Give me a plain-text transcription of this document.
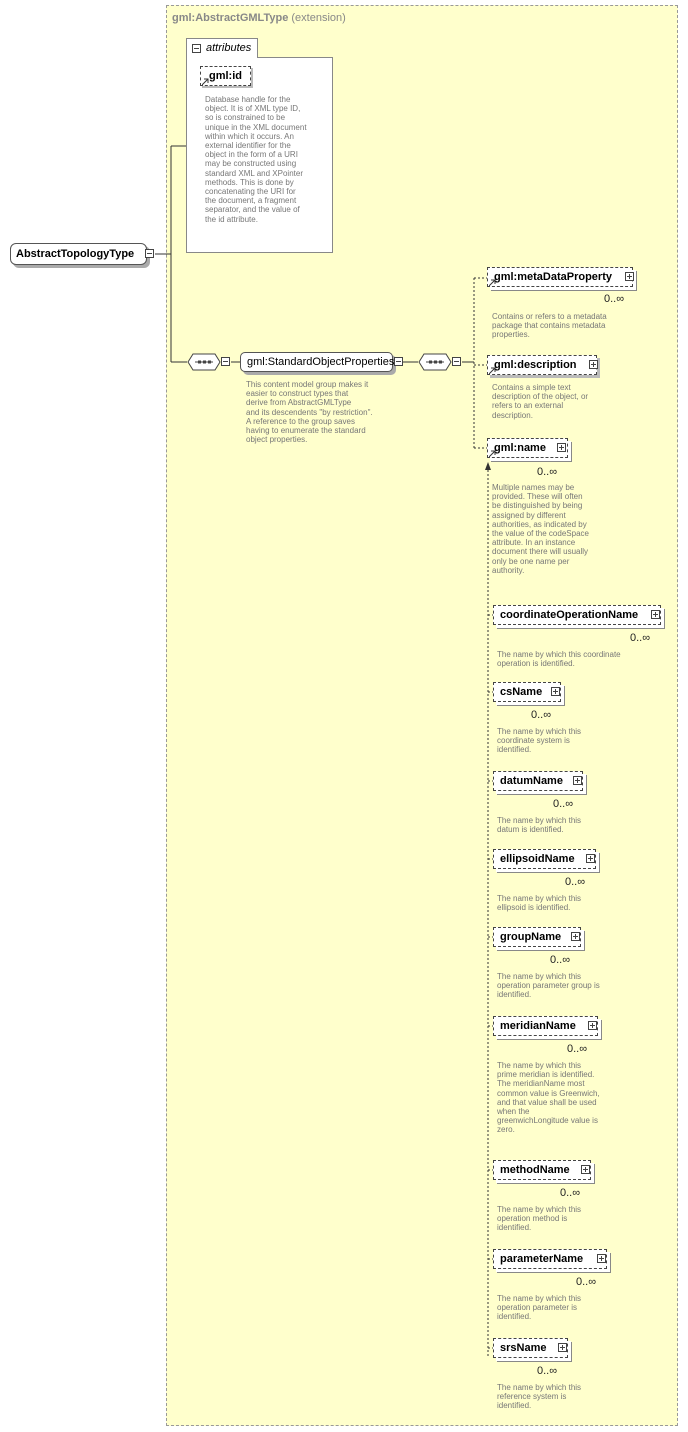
gml:AbstractGMLType (extension)
AbstractTopologyType
attributes
gml:id
Database handle for the
object. It is of XML type ID,
so is constrained to be
unique in the XML document
within which it occurs. An
external identifier for the
object in the form of a URI
may be constructed using
standard XML and XPointer
methods. This is done by
concatenating the URI for
the document, a fragment
separator, and the value of
the id attribute.
gml:StandardObjectProperties
This content model group makes it
easier to construct types that
derive from AbstractGMLType
and its descendents "by restriction".
A reference to the group saves
having to enumerate the standard
object properties.
gml:metaDataProperty
0..∞
Contains or refers to a metadata
package that contains metadata
properties.
gml:description
Contains a simple text
description of the object, or
refers to an external
description.
gml:name
0..∞
Multiple names may be
provided. These will often
be distinguished by being
assigned by different
authorities, as indicated by
the value of the codeSpace
attribute. In an instance
document there will usually
only be one name per
authority.
coordinateOperationName
0..∞
The name by which this coordinate
operation is identified.
csName
0..∞
The name by which this
coordinate system is
identified.
datumName
0..∞
The name by which this
datum is identified.
ellipsoidName
0..∞
The name by which this
ellipsoid is identified.
groupName
0..∞
The name by which this
operation parameter group is
identified.
meridianName
0..∞
The name by which this
prime meridian is identified.
The meridianName most
common value is Greenwich,
and that value shall be used
when the
greenwichLongitude value is
zero.
methodName
0..∞
The name by which this
operation method is
identified.
parameterName
0..∞
The name by which this
operation parameter is
identified.
srsName
0..∞
The name by which this
reference system is
identified.
